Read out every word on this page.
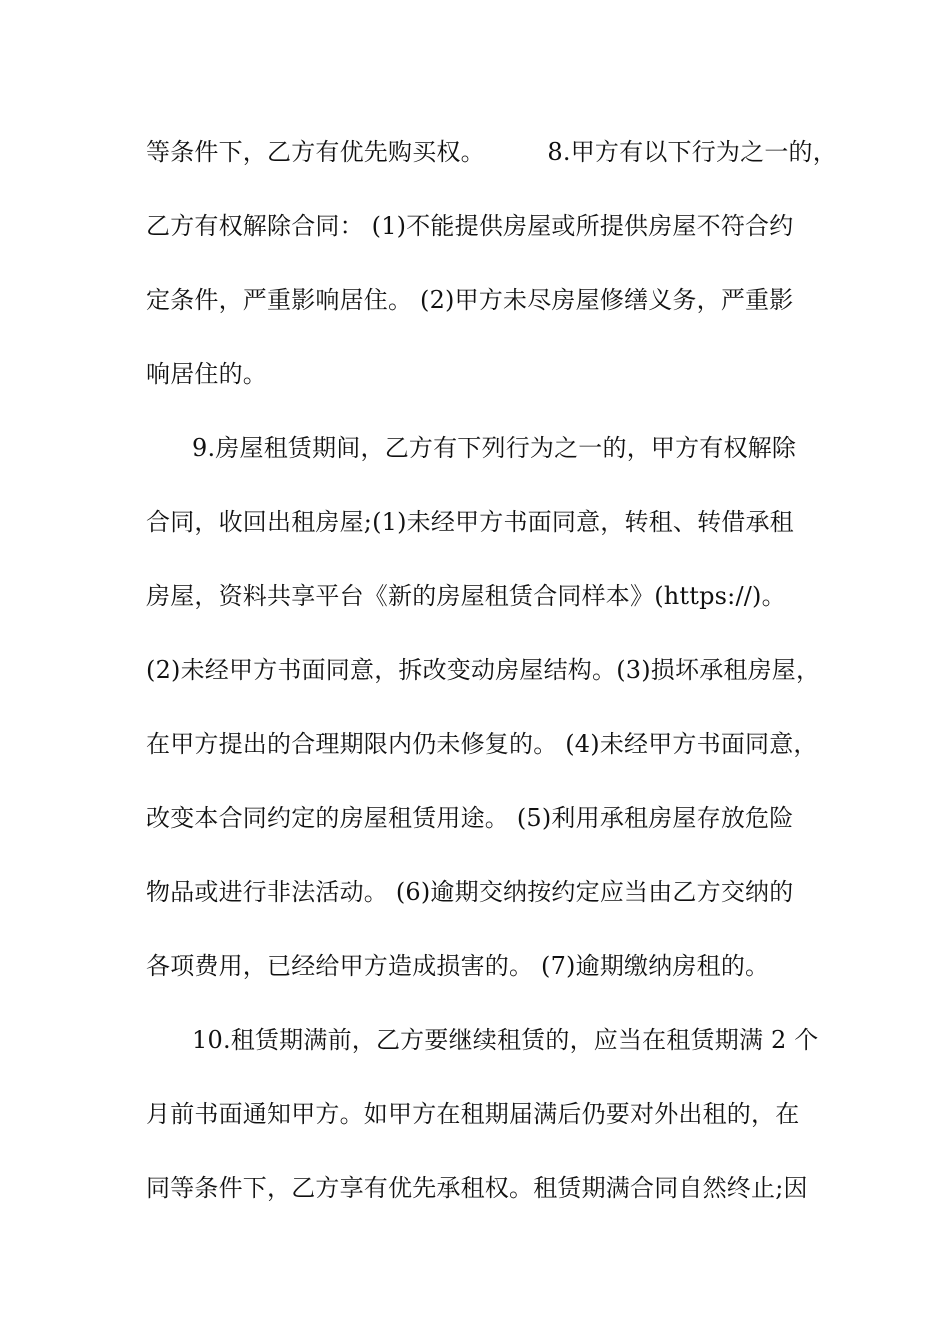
等条件下，乙方有优先购买权。        8.甲方有以下行为之一的，
乙方有权解除合同： (1)不能提供房屋或所提供房屋不符合约
定条件，严重影响居住。 (2)甲方未尽房屋修缮义务，严重影
响居住的。
9.房屋租赁期间，乙方有下列行为之一的，甲方有权解除
合同，收回出租房屋;(1)未经甲方书面同意，转租、转借承租
房屋，资料共享平台《新的房屋租赁合同样本》(https://)。
(2)未经甲方书面同意，拆改变动房屋结构。(3)损坏承租房屋，
在甲方提出的合理期限内仍未修复的。 (4)未经甲方书面同意，
改变本合同约定的房屋租赁用途。 (5)利用承租房屋存放危险
物品或进行非法活动。 (6)逾期交纳按约定应当由乙方交纳的
各项费用，已经给甲方造成损害的。 (7)逾期缴纳房租的。
10.租赁期满前，乙方要继续租赁的，应当在租赁期满 2 个
月前书面通知甲方。如甲方在租期届满后仍要对外出租的，在
同等条件下，乙方享有优先承租权。租赁期满合同自然终止;因
